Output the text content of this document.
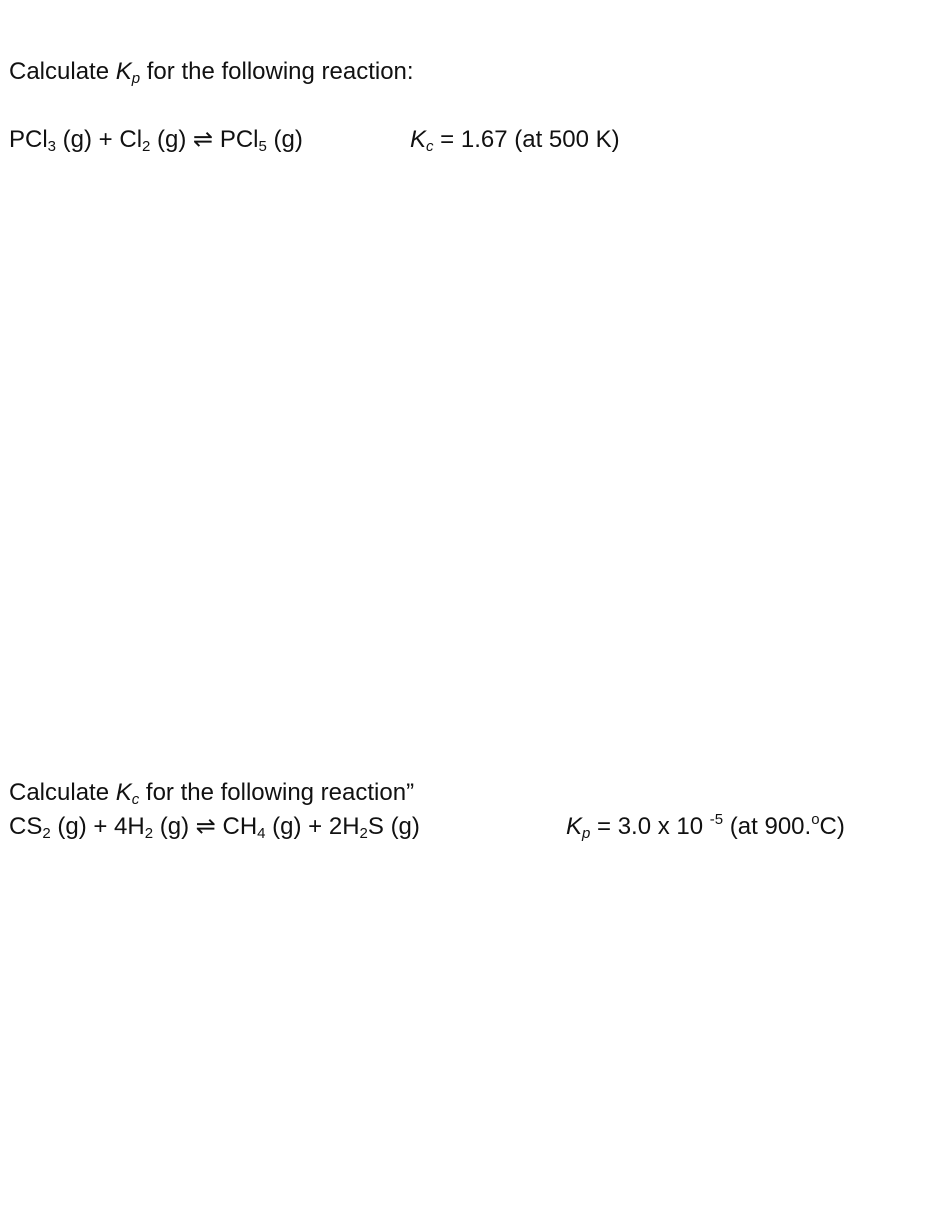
Calculate $K_p$ for the following reaction:
PCl$_3$ $(g) + Cl_2$ (g) ⇌ PCl$_5$ (g)	$K_c = 1.67$ (at 500 K)
Calculate $K_c$ for the following reaction”
$CS_2$ $(g) + 4H_2$ (g) ⇌ $CH_4$ $(g) + 2H_2S$ (g)	$K_p = 3.0$ x 10 $^{-5}$ (at 900.$^o$C)
